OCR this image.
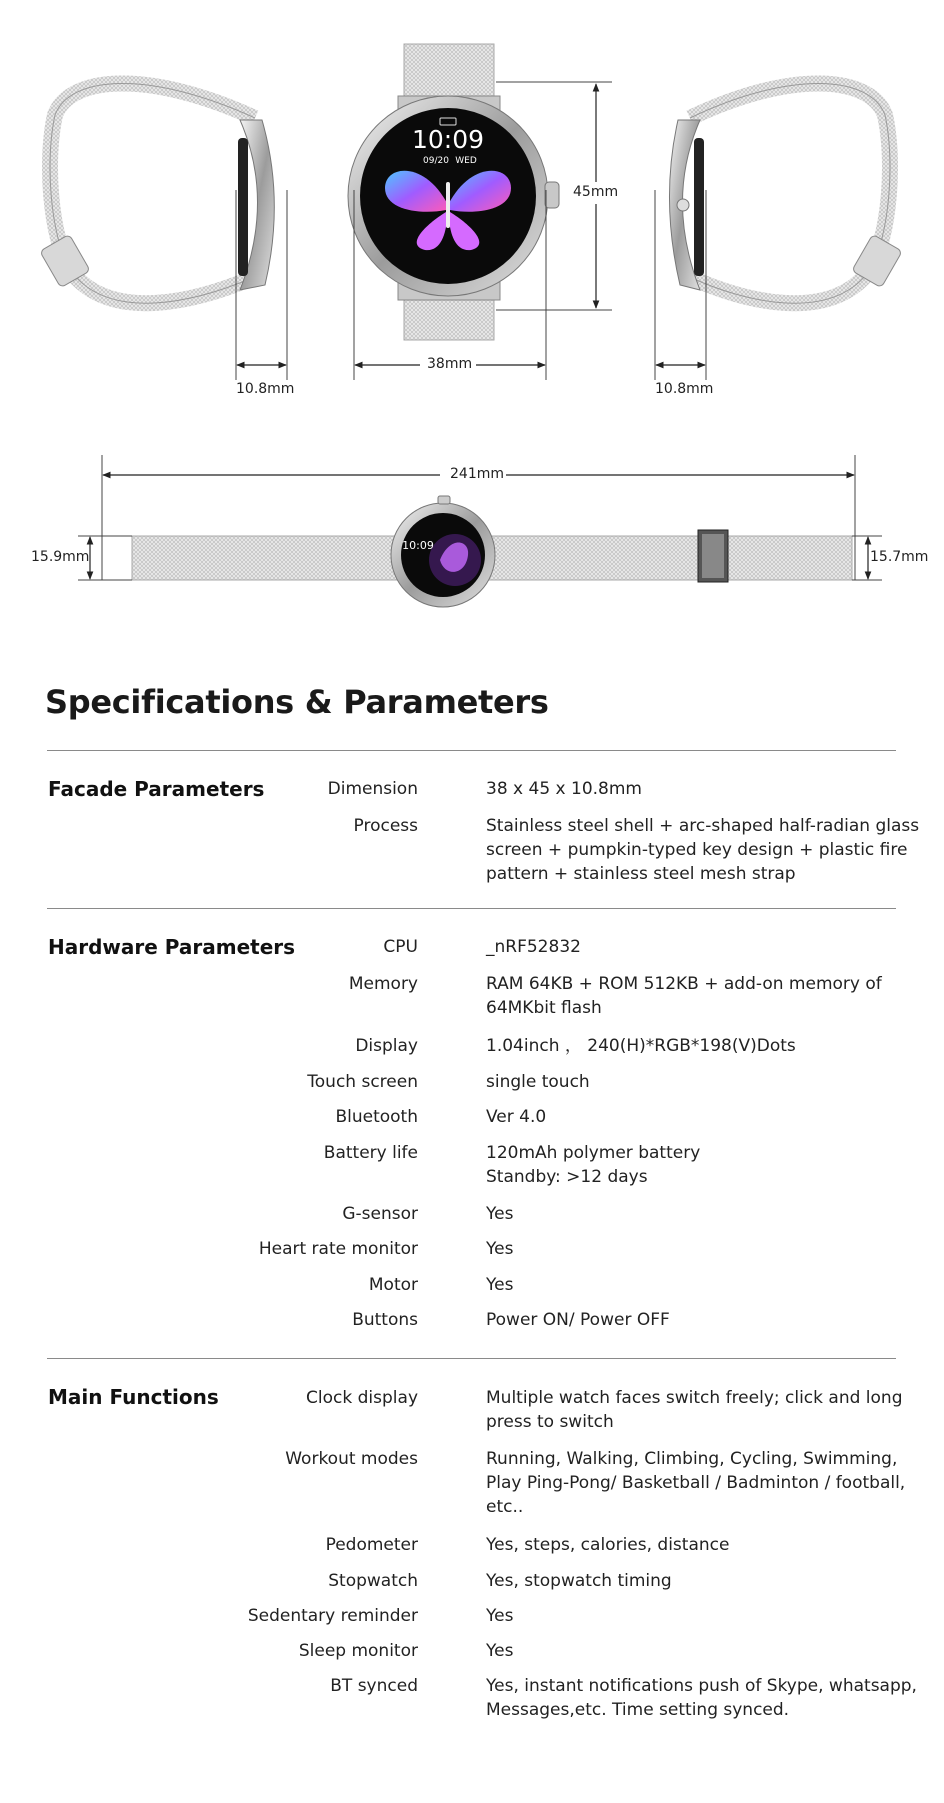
10:09
09/20 WED
10:09
45mm
38mm
10.8mm	10.8mm
241mm
15.9mm	15.7mm
Specifications & Parameters
Facade Parameters	Dimension	38 x 45 x 10.8mm
Process	Stainless steel shell + arc-shaped half-radian glass
screen + pumpkin-typed key design + plastic fire
pattern + stainless steel mesh strap
Hardware Parameters	CPU	_nRF52832
Memory	RAM 64KB + ROM 512KB + add-on memory of
64MKbit flash
Display	1.04inch ， 240(H)*RGB*198(V)Dots
Touch screen	single touch
Bluetooth	Ver 4.0
Battery life	120mAh polymer battery
Standby: >12 days
G-sensor	Yes
Heart rate monitor	Yes
Motor	Yes
Buttons	Power ON/ Power OFF
Main Functions	Clock display	Multiple watch faces switch freely; click and long
press to switch
Workout modes	Running, Walking, Climbing, Cycling, Swimming,
Play Ping-Pong/ Basketball / Badminton / football,
etc..
Pedometer	Yes, steps, calories, distance
Stopwatch	Yes, stopwatch timing
Sedentary reminder	Yes
Sleep monitor	Yes
BT synced	Yes, instant notifications push of Skype, whatsapp,
Messages,etc. Time setting synced.
